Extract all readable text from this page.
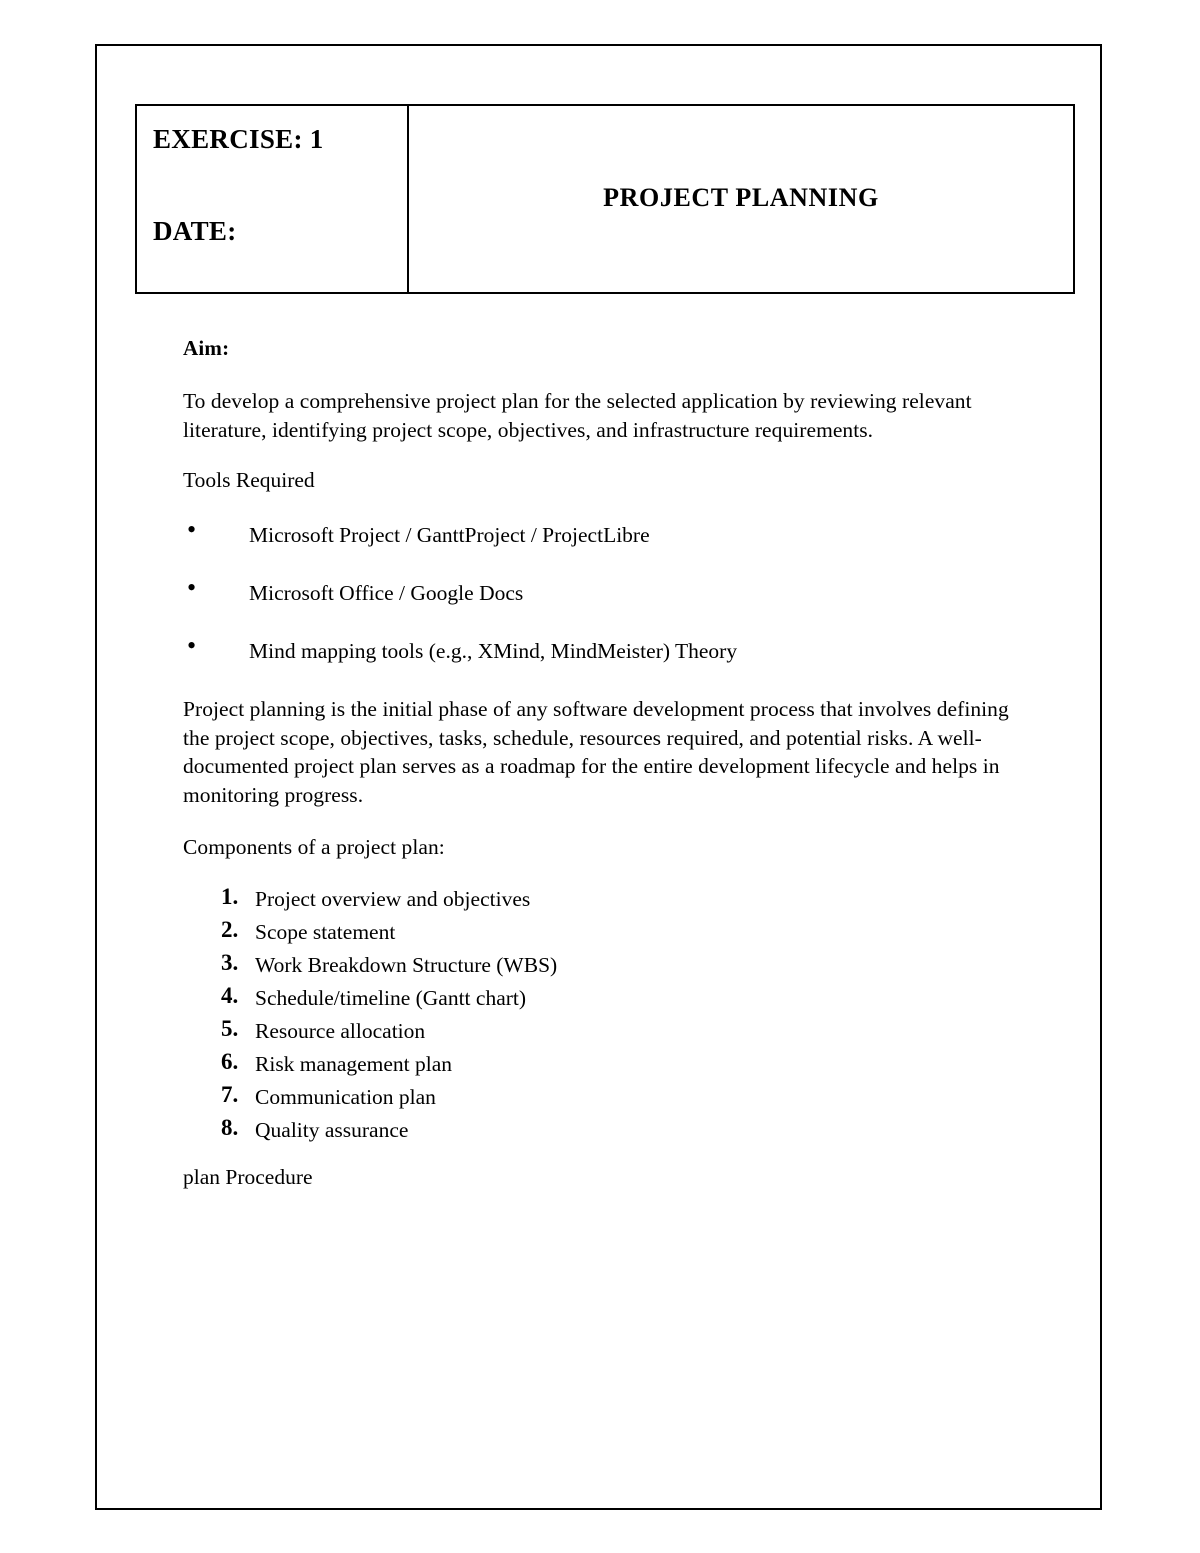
EXERCISE: 1
DATE:
PROJECT PLANNING
Aim:

To develop a comprehensive project plan for the selected application by reviewing relevant literature, identifying project scope, objectives, and infrastructure requirements.

Tools Required
• Microsoft Project / GanttProject / ProjectLibre
• Microsoft Office / Google Docs
• Mind mapping tools (e.g., XMind, MindMeister) Theory

Project planning is the initial phase of any software development process that involves defining the project scope, objectives, tasks, schedule, resources required, and potential risks. A well- documented project plan serves as a roadmap for the entire development lifecycle and helps in monitoring progress.

Components of a project plan:

1. Project overview and objectives
2. Scope statement
3. Work Breakdown Structure (WBS)
4. Schedule/timeline (Gantt chart)
5. Resource allocation
6. Risk management plan
7. Communication plan
8. Quality assurance

plan Procedure
